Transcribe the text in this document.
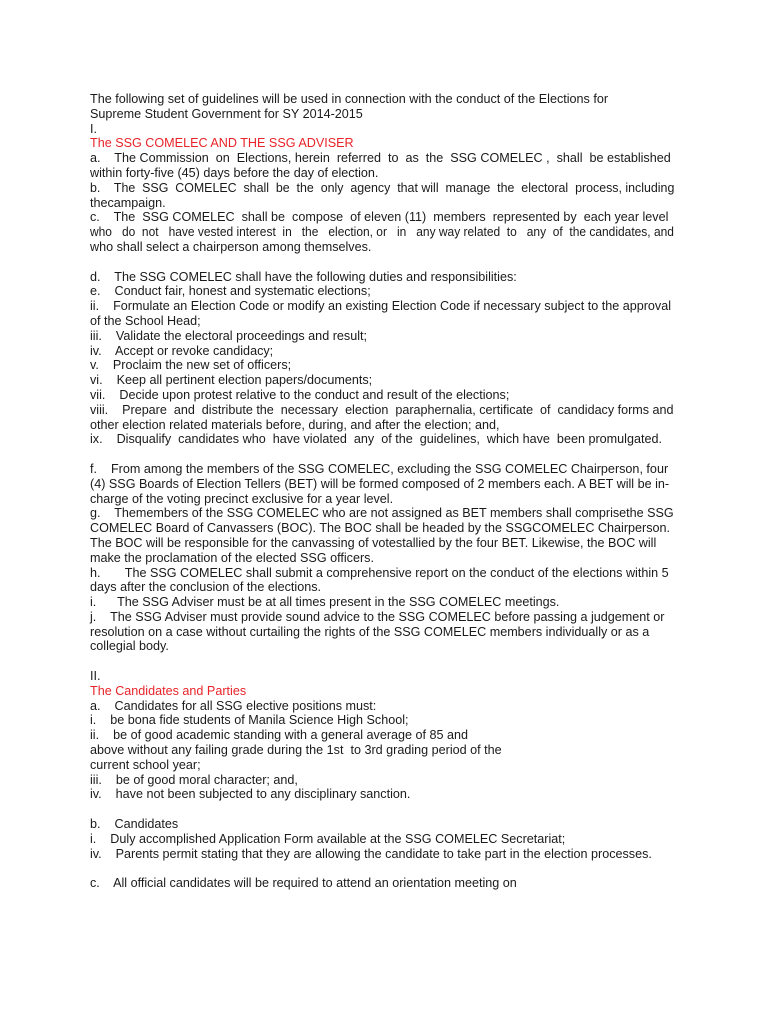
The following set of guidelines will be used in connection with the conduct of the Elections for
Supreme Student Government for SY 2014-2015
I.
The SSG COMELEC AND THE SSG ADVISER
a.    The Commission  on  Elections, herein  referred  to  as  the  SSG COMELEC ,  shall  be established
within forty-five (45) days before the day of election.
b.    The  SSG  COMELEC  shall  be  the  only  agency  that will  manage  the  electoral  process, including
thecampaign.
c.    The  SSG COMELEC  shall be  compose  of eleven (11)  members  represented by  each year level
who   do  not   have vested interest  in   the   election, or   in   any way related  to   any  of  the candidates, and
who shall select a chairperson among themselves.
d.    The SSG COMELEC shall have the following duties and responsibilities:
e.    Conduct fair, honest and systematic elections;
ii.    Formulate an Election Code or modify an existing Election Code if necessary subject to the approval
of the School Head;
iii.    Validate the electoral proceedings and result;
iv.    Accept or revoke candidacy;
v.    Proclaim the new set of officers;
vi.    Keep all pertinent election papers/documents;
vii.    Decide upon protest relative to the conduct and result of the elections;
viii.    Prepare  and  distribute the  necessary  election  paraphernalia, certificate  of  candidacy forms and
other election related materials before, during, and after the election; and,
ix.    Disqualify  candidates who  have violated  any  of the  guidelines,  which have  been promulgated.
f.    From among the members of the SSG COMELEC, excluding the SSG COMELEC Chairperson, four
(4) SSG Boards of Election Tellers (BET) will be formed composed of 2 members each. A BET will be in-
charge of the voting precinct exclusive for a year level.
g.    Themembers of the SSG COMELEC who are not assigned as BET members shall comprisethe SSG
COMELEC Board of Canvassers (BOC). The BOC shall be headed by the SSGCOMELEC Chairperson.
The BOC will be responsible for the canvassing of votestallied by the four BET. Likewise, the BOC will
make the proclamation of the elected SSG officers.
h.       The SSG COMELEC shall submit a comprehensive report on the conduct of the elections within 5
days after the conclusion of the elections.
i.      The SSG Adviser must be at all times present in the SSG COMELEC meetings.
j.    The SSG Adviser must provide sound advice to the SSG COMELEC before passing a judgement or
resolution on a case without curtailing the rights of the SSG COMELEC members individually or as a
collegial body.
II.
The Candidates and Parties
a.    Candidates for all SSG elective positions must:
i.    be bona fide students of Manila Science High School;
ii.    be of good academic standing with a general average of 85 and
above without any failing grade during the 1st  to 3rd grading period of the
current school year;
iii.    be of good moral character; and,
iv.    have not been subjected to any disciplinary sanction.
b.    Candidates
i.    Duly accomplished Application Form available at the SSG COMELEC Secretariat;
iv.    Parents permit stating that they are allowing the candidate to take part in the election processes.
c.    All official candidates will be required to attend an orientation meeting on
